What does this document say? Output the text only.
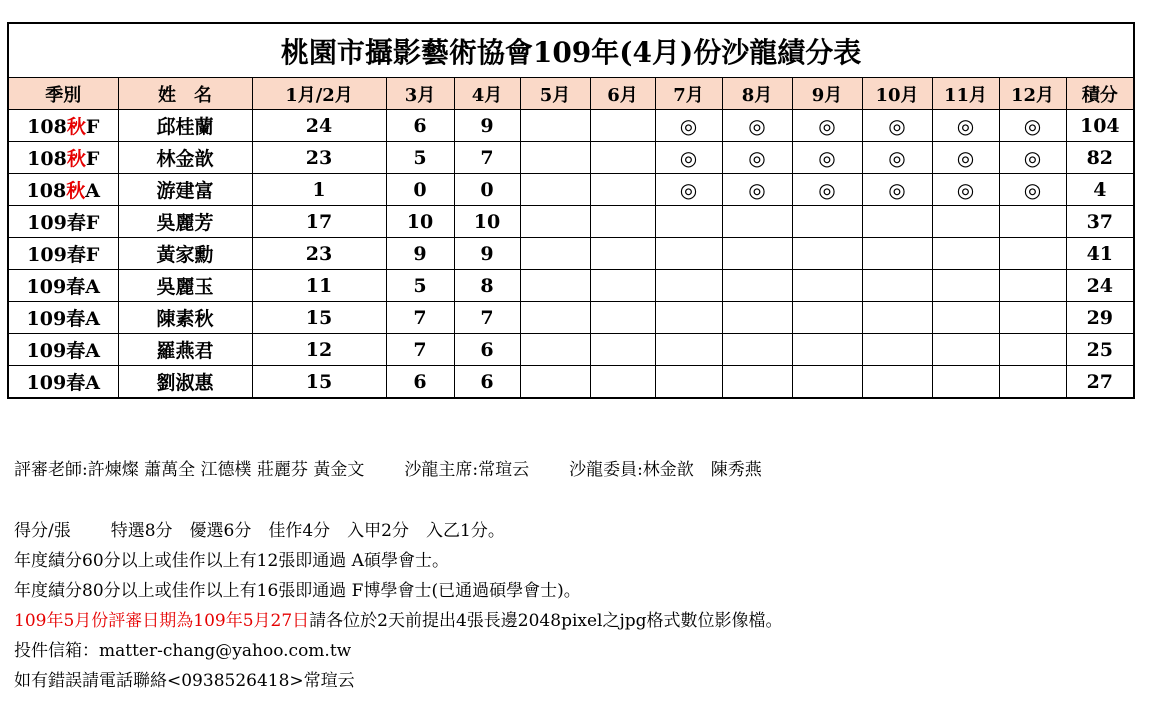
桃園市攝影藝術協會109年(4月)份沙龍績分表													
季別	姓　名	1月/2月	3月	4月	5月	6月	7月	8月	9月	10月	11月	12月	積分
108秋F	邱桂蘭	24	6	9			◎	◎	◎	◎	◎	◎	104
108秋F	林金歆	23	5	7			◎	◎	◎	◎	◎	◎	82
108秋A	游建富	1	0	0			◎	◎	◎	◎	◎	◎	4
109春F	吳麗芳	17	10	10									37
109春F	黃家勳	23	9	9									41
109春A	吳麗玉	11	5	8									24
109春A	陳素秋	15	7	7									29
109春A	羅燕君	12	7	6									25
109春A	劉淑惠	15	6	6									27
評審老師:許煉燦 蕭萬全 江德樸 莊麗芬 黃金文 沙龍主席:常瑄云 沙龍委員:林金歆　陳秀燕
得分/張 特選8分　優選6分　佳作4分　入甲2分　入乙1分。
年度績分60分以上或佳作以上有12張即通過 A碩學會士。
年度績分80分以上或佳作以上有16張即通過 F博學會士(已通過碩學會士)。
109年5月份評審日期為109年5月27日請各位於2天前提出4張長邊2048pixel之jpg格式數位影像檔。
投件信箱：matter-chang@yahoo.com.tw
如有錯誤請電話聯絡<0938526418>常瑄云
